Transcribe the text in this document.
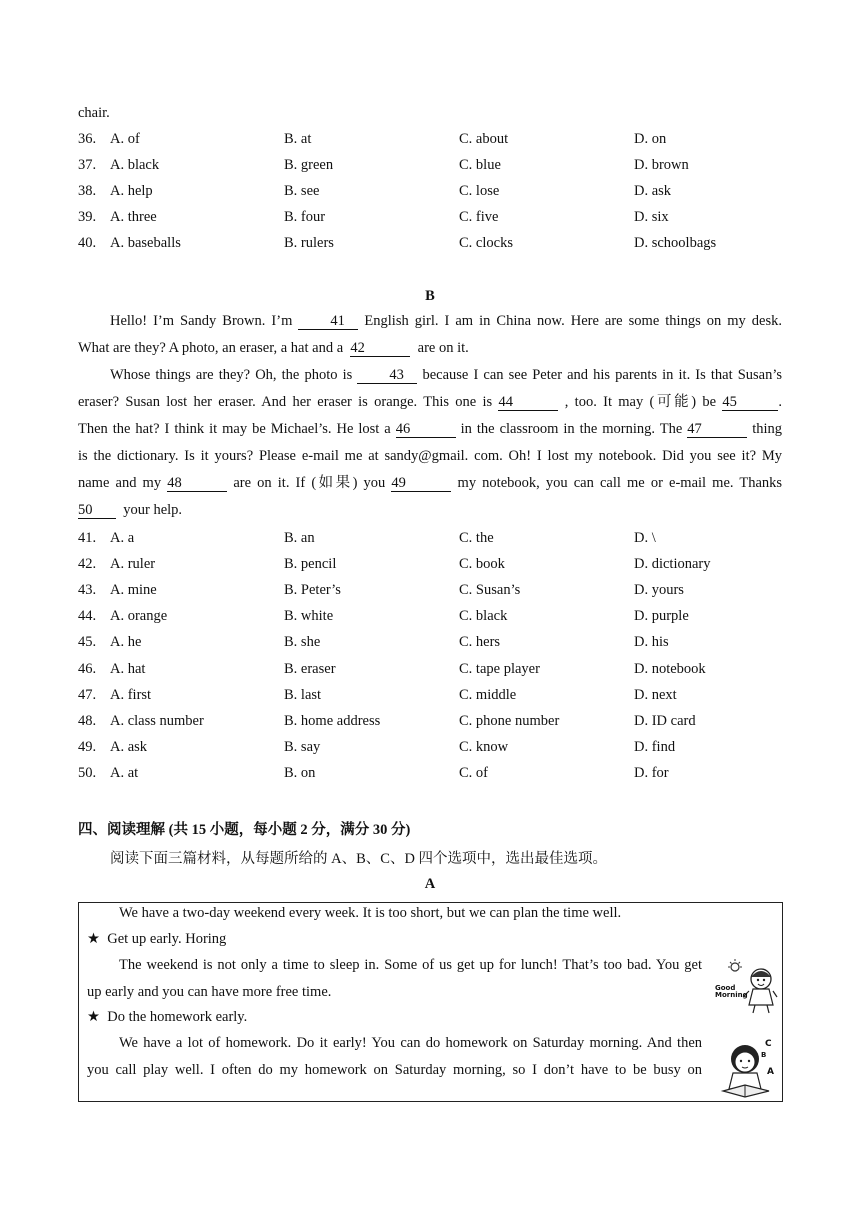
chair.
36. A. of	B. at	C. about	D. on
37. A. black	B. green	C. blue	D. brown
38. A. help	B. see	C. lose	D. ask
39. A. three	B. four	C. five	D. six
40. A. baseballs	B. rulers	C. clocks	D. schoolbags
B
Hello! I’m Sandy Brown. I’m	41 English girl. I am in China now. Here are some things on my desk.
What are they? A photo, an eraser, a hat and a 42	are on it.
Whose things are they? Oh, the photo is	43 because I can see Peter and his parents in it. Is that Susan’s
eraser? Susan lost her eraser. And her eraser is orange. This one is 44	, too. It may (可能) be 45	.
Then the hat? I think it may be Michael’s. He lost a 46	in the classroom in the morning. The 47	thing
is the dictionary. Is it yours? Please e-mail me at sandy@gmail. com. Oh! I lost my notebook. Did you see it? My
name and my 48	are on it. If (如果) you 49	my notebook, you can call me or e-mail me. Thanks
50 your help.
41. A. a	B. an	C. the	D. \
42. A. ruler	B. pencil	C. book	D. dictionary
43. A. mine	B. Peter’s	C. Susan’s	D. yours
44. A. orange	B. white	C. black	D. purple
45. A. he	B. she	C. hers	D. his
46. A. hat	B. eraser	C. tape player	D. notebook
47. A. first	B. last	C. middle	D. next
48. A. class number	B. home address	C. phone number	D. ID card
49. A. ask	B. say	C. know	D. find
50. A. at	B. on	C. of	D. for
四、阅读理解 (共 15 小题，每小题 2 分，满分 30 分)
阅读下面三篇材料，从每题所给的 A、B、C、D 四个选项中，选出最佳选项。
A
We have a two-day weekend every week. It is too short, but we can plan the time well.
★ Get up early. Horing
The weekend is not only a time to sleep in. Some of us get up for lunch! That’s too bad. You get
up early and you can have more free time.
★ Do the homework early.
We have a lot of homework. Do it early! You can do homework on Saturday morning. And then
you call play well. I often do my homework on Saturday morning, so I don’t have to be busy on
Good Morning
C
A
B
